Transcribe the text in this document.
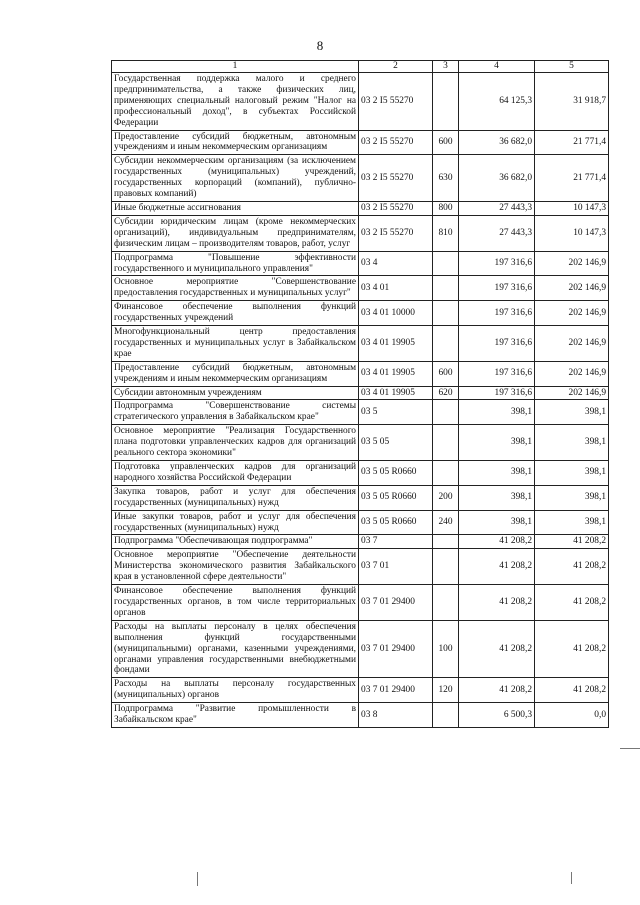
8
1	2	3	4	5
Государственная поддержка малого и среднего предпринимательства, а также физических лиц, применяющих специальный налоговый режим "Налог на профессиональный доход", в субъектах Российской Федерации	03 2 I5 55270		64 125,3	31 918,7
Предоставление субсидий бюджетным, автономным учреждениям и иным некоммерческим организациям	03 2 I5 55270	600	36 682,0	21 771,4
Субсидии некоммерческим организациям (за исключением государственных (муниципальных) учреждений, государственных корпораций (компаний), публично-правовых компаний)	03 2 I5 55270	630	36 682,0	21 771,4
Иные бюджетные ассигнования	03 2 I5 55270	800	27 443,3	10 147,3
Субсидии юридическим лицам (кроме некоммерческих организаций), индивидуальным предпринимателям, физическим лицам – производителям товаров, работ, услуг	03 2 I5 55270	810	27 443,3	10 147,3
Подпрограмма "Повышение эффективности государственного и муниципального управления"	03 4		197 316,6	202 146,9
Основное мероприятие "Совершенствование предоставления государственных и муниципальных услуг"	03 4 01		197 316,6	202 146,9
Финансовое обеспечение выполнения функций государственных учреждений	03 4 01 10000		197 316,6	202 146,9
Многофункциональный центр предоставления государственных и муниципальных услуг в Забайкальском крае	03 4 01 19905		197 316,6	202 146,9
Предоставление субсидий бюджетным, автономным учреждениям и иным некоммерческим организациям	03 4 01 19905	600	197 316,6	202 146,9
Субсидии автономным учреждениям	03 4 01 19905	620	197 316,6	202 146,9
Подпрограмма "Совершенствование системы стратегического управления в Забайкальском крае"	03 5		398,1	398,1
Основное мероприятие "Реализация Государственного плана подготовки управленческих кадров для организаций реального сектора экономики"	03 5 05		398,1	398,1
Подготовка управленческих кадров для организаций народного хозяйства Российской Федерации	03 5 05 R0660		398,1	398,1
Закупка товаров, работ и услуг для обеспечения государственных (муниципальных) нужд	03 5 05 R0660	200	398,1	398,1
Иные закупки товаров, работ и услуг для обеспечения государственных (муниципальных) нужд	03 5 05 R0660	240	398,1	398,1
Подпрограмма "Обеспечивающая подпрограмма"	03 7		41 208,2	41 208,2
Основное мероприятие "Обеспечение деятельности Министерства экономического развития Забайкальского края в установленной сфере деятельности"	03 7 01		41 208,2	41 208,2
Финансовое обеспечение выполнения функций государственных органов, в том числе территориальных органов	03 7 01 29400		41 208,2	41 208,2
Расходы на выплаты персоналу в целях обеспечения выполнения функций государственными (муниципальными) органами, казенными учреждениями, органами управления государственными внебюджетными фондами	03 7 01 29400	100	41 208,2	41 208,2
Расходы на выплаты персоналу государственных (муниципальных) органов	03 7 01 29400	120	41 208,2	41 208,2
Подпрограмма "Развитие промышленности в Забайкальском крае"	03 8		6 500,3	0,0
